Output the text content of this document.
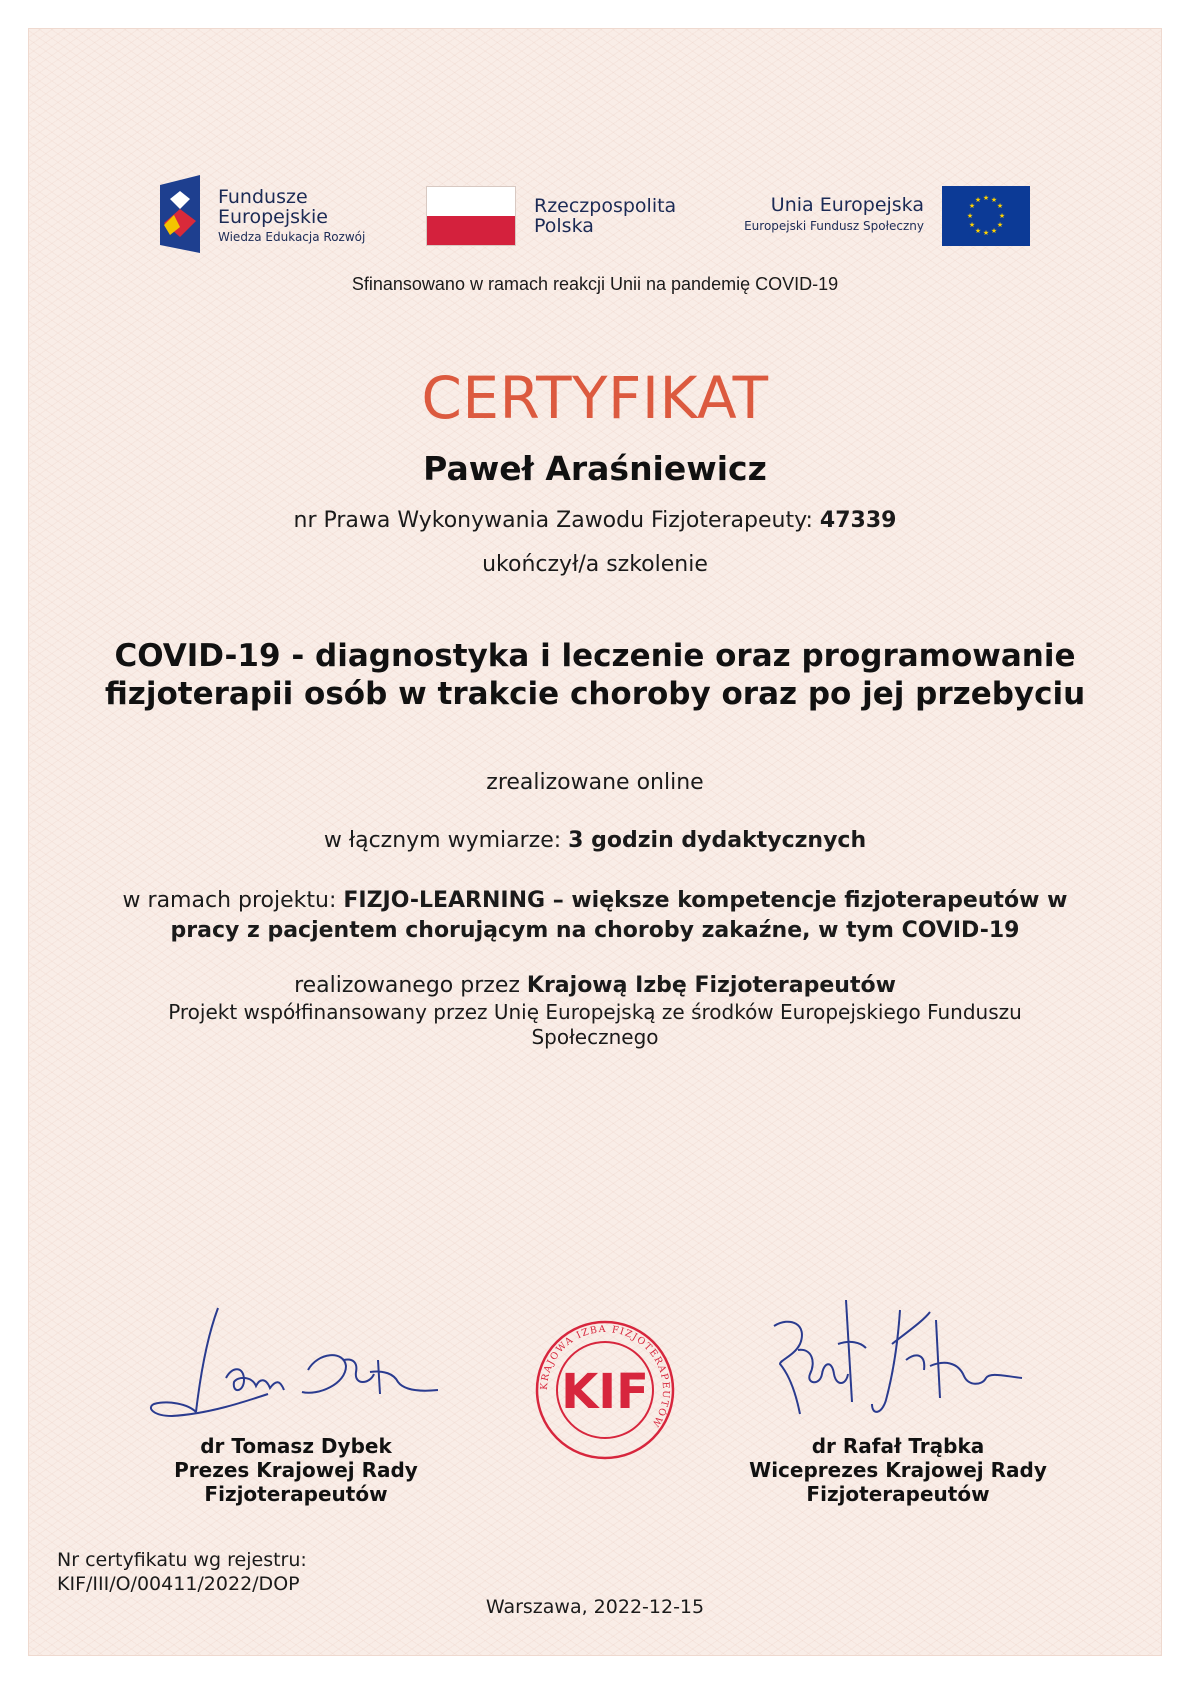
Fundusze
Europejskie
Wiedza Edukacja Rozwój
Rzeczpospolita
Polska
Unia Europejska
Europejski Fundusz Społeczny
★ ★
★
★
★
★
★
★
★
★
★
★
Sfinansowano w ramach reakcji Unii na pandemię COVID-19
CERTYFIKAT
Paweł Araśniewicz
nr Prawa Wykonywania Zawodu Fizjoterapeuty: 47339
ukończył/a szkolenie
COVID-19 - diagnostyka i leczenie oraz programowanie
fizjoterapii osób w trakcie choroby oraz po jej przebyciu
zrealizowane online
w łącznym wymiarze: 3 godzin dydaktycznych
w ramach projektu: FIZJO-LEARNING – większe kompetencje fizjoterapeutów w
pracy z pacjentem chorującym na choroby zakaźne, w tym COVID-19
realizowanego przez Krajową Izbę Fizjoterapeutów
Projekt współfinansowany przez Unię Europejską ze środków Europejskiego Funduszu
Społecznego
KRAJOWA IZBA FIZJOTERAPEUTÓW
KIF
dr Tomasz Dybek
Prezes Krajowej Rady
Fizjoterapeutów
dr Rafał Trąbka
Wiceprezes Krajowej Rady
Fizjoterapeutów
Nr certyfikatu wg rejestru:
KIF/III/O/00411/2022/DOP
Warszawa, 2022-12-15
